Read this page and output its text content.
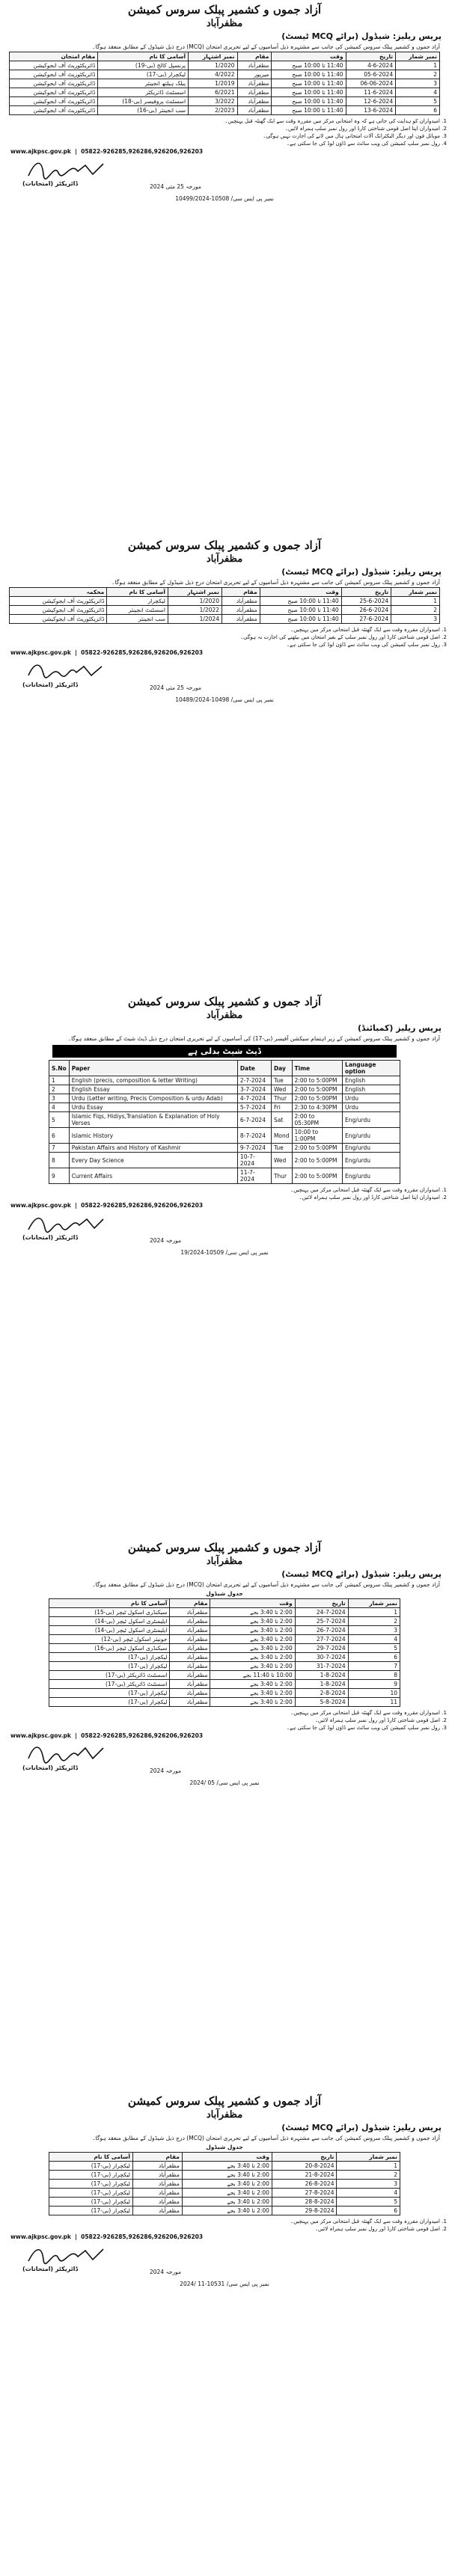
آزاد جموں و کشمیر پبلک سروس کمیشن

مظفرآباد

پریس ریلیز: شیڈول (برائے MCQ ٹیسٹ)

آزاد جموں و کشمیر پبلک سروس کمیشن کی جانب سے مشتہرہ ذیل آسامیوں کے لیے تحریری امتحان (MCQ) درج ذیل شیڈول کے مطابق منعقد ہوگا۔

نمبر شمار	تاریخ	وقت	مقام	نمبر اشتہار	آسامی کا نام	مقام امتحان
1	4-6-2024	11:40 تا 10:00 صبح	مظفرآباد	1/2020	پرنسپل کالج (بی-19)	ڈائریکٹوریٹ آف ایجوکیشن
2	05-6-2024	11:40 تا 10:00 صبح	میرپور	4/2022	لیکچرار (بی-17)	ڈائریکٹوریٹ آف ایجوکیشن
3	06-06-2024	11:40 تا 10:00 صبح	مظفرآباد	1/2019	پبلک ہیلتھ انجینئر	ڈائریکٹوریٹ آف ایجوکیشن
4	11-6-2024	11:40 تا 10:00 صبح	مظفرآباد	6/2021	اسسٹنٹ ڈائریکٹر	ڈائریکٹوریٹ آف ایجوکیشن
5	12-6-2024	11:40 تا 10:00 صبح	مظفرآباد	3/2022	اسسٹنٹ پروفیسر (بی-18)	ڈائریکٹوریٹ آف ایجوکیشن
6	13-6-2024	11:40 تا 10:00 صبح	مظفرآباد	2/2023	سب انجینئر (بی-16)	ڈائریکٹوریٹ آف ایجوکیشن
1. امیدواران کو ہدایت کی جاتی ہے کہ وہ امتحانی مرکز میں مقررہ وقت سے ایک گھنٹہ قبل پہنچیں۔
2. امیدواران اپنا اصل قومی شناختی کارڈ اور رول نمبر سلپ ہمراہ لائیں۔
3. موبائل فون اور دیگر الیکٹرانک آلات امتحانی ہال میں لانے کی اجازت نہیں ہوگی۔
4. رول نمبر سلپ کمیشن کی ویب سائٹ سے ڈاؤن لوڈ کی جا سکتی ہے۔

www.ajkpsc.gov.pk  |  05822-926285,926286,926206,926203

ڈائریکٹر (امتحانات)	مورخہ 25 مئی 2024

نمبر پی ایس سی/ 10508-10499/2024

آزاد جموں و کشمیر پبلک سروس کمیشن

مظفرآباد

پریس ریلیز: شیڈول (برائے MCQ ٹیسٹ)

آزاد جموں و کشمیر پبلک سروس کمیشن کی جانب سے مشتہرہ ذیل آسامیوں کے لیے تحریری امتحان درج ذیل شیڈول کے مطابق منعقد ہوگا۔

نمبر شمار	تاریخ	وقت	مقام	نمبر اشتہار	آسامی کا نام	محکمہ
1	25-6-2024	11:40 تا 10:00 صبح	مظفرآباد	1/2020	لیکچرار	ڈائریکٹوریٹ آف ایجوکیشن
2	26-6-2024	11:40 تا 10:00 صبح	مظفرآباد	1/2022	اسسٹنٹ انجینئر	ڈائریکٹوریٹ آف ایجوکیشن
3	27-6-2024	11:40 تا 10:00 صبح	مظفرآباد	1/2024	سب انجینئر	ڈائریکٹوریٹ آف ایجوکیشن
1. امیدواران مقررہ وقت سے ایک گھنٹہ قبل امتحانی مرکز میں پہنچیں۔
2. اصل قومی شناختی کارڈ اور رول نمبر سلپ کے بغیر امتحان میں بیٹھنے کی اجازت نہ ہوگی۔
3. رول نمبر سلپ کمیشن کی ویب سائٹ سے ڈاؤن لوڈ کی جا سکتی ہے۔

www.ajkpsc.gov.pk  |  05822-926285,926286,926206,926203

ڈائریکٹر (امتحانات)	مورخہ 25 مئی 2024

نمبر پی ایس سی/ 10498-10489/2024

آزاد جموں و کشمیر پبلک سروس کمیشن

مظفرآباد

پریس ریلیز (کمبائنڈ)

آزاد جموں و کشمیر پبلک سروس کمیشن کے زیر اہتمام سیکشن آفیسر (بی-17) کی آسامیوں کے لیے تحریری امتحان درج ذیل ڈیٹ شیٹ کے مطابق منعقد ہوگا۔

ڈیٹ شیٹ بدلی ہے
S.No	Paper	Date	Day	Time	Language option
1	English (precis, composition & letter Writing)	2-7-2024	Tue	2:00 to 5:00PM	English
2	English Essay	3-7-2024	Wed	2:00 to 5:00PM	English
3	Urdu (Letter writing, Precis Composition & urdu Adab)	4-7-2024	Thur	2:00 to 5:00PM	Urdu
4	Urdu Essay	5-7-2024	Fri	2:30 to 4:30PM	Urdu
5	Islamic Fiqs, Hidiys,Translation & Explanation of Holy Verses	6-7-2024	Sat	2:00 to 05:30PM	Eng/urdu
6	Islamic History	8-7-2024	Mond	10:00 to 1:00PM	Eng/urdu
7	Pakistan Affairs and History of Kashmir	9-7-2024	Tue	2:00 to 5:00PM	Eng/urdu
8	Every Day Science	10-7-2024	Wed	2:00 to 5:00PM	Eng/urdu
9	Current Affairs	11-7-2024	Thur	2:00 to 5:00PM	Eng/urdu
1. امیدواران مقررہ وقت سے ایک گھنٹہ قبل امتحانی مرکز میں پہنچیں۔
2. امیدواران اپنا اصل شناختی کارڈ اور رول نمبر سلپ ہمراہ لائیں۔

www.ajkpsc.gov.pk  |  05822-926285,926286,926206,926203

ڈائریکٹر (امتحانات)	مورخہ 2024

نمبر پی ایس سی/ 10509-19/2024

آزاد جموں و کشمیر پبلک سروس کمیشن

مظفرآباد

پریس ریلیز: شیڈول (برائے MCQ ٹیسٹ)

آزاد جموں و کشمیر پبلک سروس کمیشن کی جانب سے مشتہرہ ذیل آسامیوں کے لیے تحریری امتحان (MCQ) درج ذیل شیڈول کے مطابق منعقد ہوگا۔

جدول شیڈول

نمبر شمار	تاریخ	وقت	مقام	آسامی کا نام
1	24-7-2024	2:00 تا 3:40 بجے	مظفرآباد	سیکنڈری اسکول ٹیچر (بی-15)
2	25-7-2024	2:00 تا 3:40 بجے	مظفرآباد	ایلیمنٹری اسکول ٹیچر (بی-14)
3	26-7-2024	2:00 تا 3:40 بجے	مظفرآباد	ایلیمنٹری اسکول ٹیچر (بی-14)
4	27-7-2024	2:00 تا 3:40 بجے	مظفرآباد	جونیئر اسکول ٹیچر (بی-12)
5	29-7-2024	2:00 تا 3:40 بجے	مظفرآباد	سیکنڈری اسکول ٹیچر (بی-16)
6	30-7-2024	2:00 تا 3:40 بجے	مظفرآباد	لیکچرار (بی-17)
7	31-7-2024	2:00 تا 3:40 بجے	مظفرآباد	لیکچرار (بی-17)
8	1-8-2024	10:00 تا 11:40 بجے	مظفرآباد	اسسٹنٹ ڈائریکٹر (بی-17)
9	1-8-2024	2:00 تا 3:40 بجے	مظفرآباد	اسسٹنٹ ڈائریکٹر (بی-17)
10	2-8-2024	2:00 تا 3:40 بجے	مظفرآباد	لیکچرار (بی-17)
11	5-8-2024	2:00 تا 3:40 بجے	مظفرآباد	لیکچرار (بی-17)
1. امیدواران مقررہ وقت سے ایک گھنٹہ قبل امتحانی مرکز میں پہنچیں۔
2. اصل قومی شناختی کارڈ اور رول نمبر سلپ ہمراہ لائیں۔
3. رول نمبر سلپ کمیشن کی ویب سائٹ سے ڈاؤن لوڈ کی جا سکتی ہے۔

www.ajkpsc.gov.pk  |  05822-926285,926286,926206,926203

ڈائریکٹر (امتحانات)	مورخہ 2024

نمبر پی ایس سی/ 05 /2024

آزاد جموں و کشمیر پبلک سروس کمیشن

مظفرآباد

پریس ریلیز: شیڈول (برائے MCQ ٹیسٹ)

آزاد جموں و کشمیر پبلک سروس کمیشن کی جانب سے مشتہرہ ذیل آسامیوں کے لیے تحریری امتحان (MCQ) درج ذیل شیڈول کے مطابق منعقد ہوگا۔

جدول شیڈول

نمبر شمار	تاریخ	وقت	مقام	آسامی کا نام
1	20-8-2024	2:00 تا 3:40 بجے	مظفرآباد	لیکچرار (بی-17)
2	21-8-2024	2:00 تا 3:40 بجے	مظفرآباد	لیکچرار (بی-17)
3	26-8-2024	2:00 تا 3:40 بجے	مظفرآباد	لیکچرار (بی-17)
4	27-8-2024	2:00 تا 3:40 بجے	مظفرآباد	لیکچرار (بی-17)
5	28-8-2024	2:00 تا 3:40 بجے	مظفرآباد	لیکچرار (بی-17)
6	29-8-2024	2:00 تا 3:40 بجے	مظفرآباد	لیکچرار (بی-17)
1. امیدواران مقررہ وقت سے ایک گھنٹہ قبل امتحانی مرکز میں پہنچیں۔
2. اصل قومی شناختی کارڈ اور رول نمبر سلپ ہمراہ لائیں۔

www.ajkpsc.gov.pk  |  05822-926285,926286,926206,926203

ڈائریکٹر (امتحانات)	مورخہ 2024

نمبر پی ایس سی/ 10531-11 /2024
